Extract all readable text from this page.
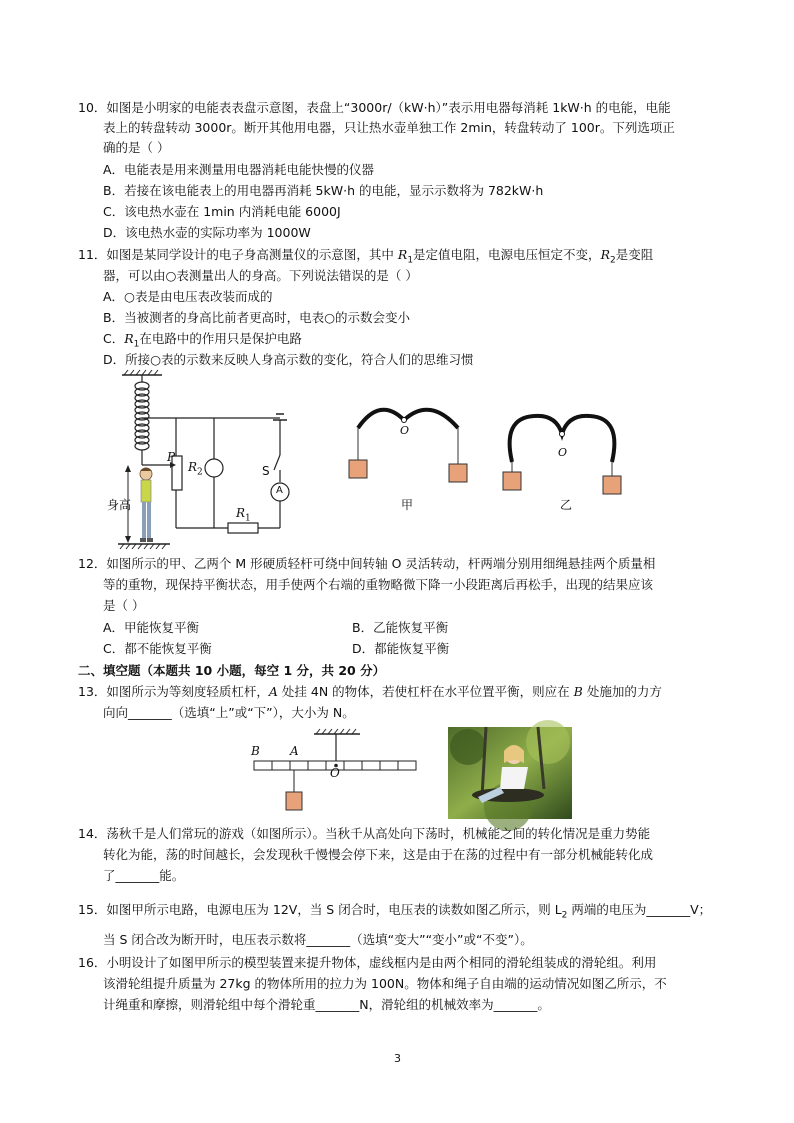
10．如图是小明家的电能表表盘示意图，表盘上“3000r/（kW·h）”表示用电器每消耗 1kW·h 的电能，电能
表上的转盘转动 3000r。断开其他用电器，只让热水壶单独工作 2min，转盘转动了 100r。下列选项正
确的是（ ）
A．电能表是用来测量用电器消耗电能快慢的仪器
B．若接在该电能表上的用电器再消耗 5kW·h 的电能，显示示数将为 782kW·h
C．该电热水壶在 1min 内消耗电能 6000J
D．该电热水壶的实际功率为 1000W
11．如图是某同学设计的电子身高测量仪的示意图，其中 $R_1$是定值电阻，电源电压恒定不变，$R_2$是变阻
器，可以由○表测量出人的身高。下列说法错误的是（ ）
A．○表是由电压表改装而成的
B．当被测者的身高比前者更高时，电表○的示数会变小
C．$R_1$在电路中的作用只是保护电路
D．所接○表的示数来反映人身高示数的变化，符合人们的思维习惯
身高
P
$R_2$	S
A
$R_1$
O
甲
O
乙
12．如图所示的甲、乙两个 M 形硬质轻杆可绕中间转轴 O 灵活转动，杆两端分别用细绳悬挂两个质量相
等的重物，现保持平衡状态，用手使两个右端的重物略微下降一小段距离后再松手，出现的结果应该
是（ ）
A．甲能恢复平衡	B．乙能恢复平衡
C．都不能恢复平衡	D．都能恢复平衡
二、填空题（本题共 10 小题，每空 1 分，共 20 分）
13．如图所示为等刻度轻质杠杆，A 处挂 4N 的物体，若使杠杆在水平位置平衡，则应在 B 处施加的力方
向向_______（选填“上”或“下”），大小为 N。
B	A
O
14．荡秋千是人们常玩的游戏（如图所示）。当秋千从高处向下荡时，机械能之间的转化情况是重力势能
转化为能，荡的时间越长，会发现秋千慢慢会停下来，这是由于在荡的过程中有一部分机械能转化成
了_______能。
15．如图甲所示电路，电源电压为 12V，当 S 闭合时，电压表的读数如图乙所示，则 $L_2$ 两端的电压为_______V；
当 S 闭合改为断开时，电压表示数将_______（选填“变大”“变小”或“不变”）。
16．小明设计了如图甲所示的模型装置来提升物体，虚线框内是由两个相同的滑轮组装成的滑轮组。利用
该滑轮组提升质量为 27kg 的物体所用的拉力为 100N。物体和绳子自由端的运动情况如图乙所示，不
计绳重和摩擦，则滑轮组中每个滑轮重_______N，滑轮组的机械效率为_______。
3
